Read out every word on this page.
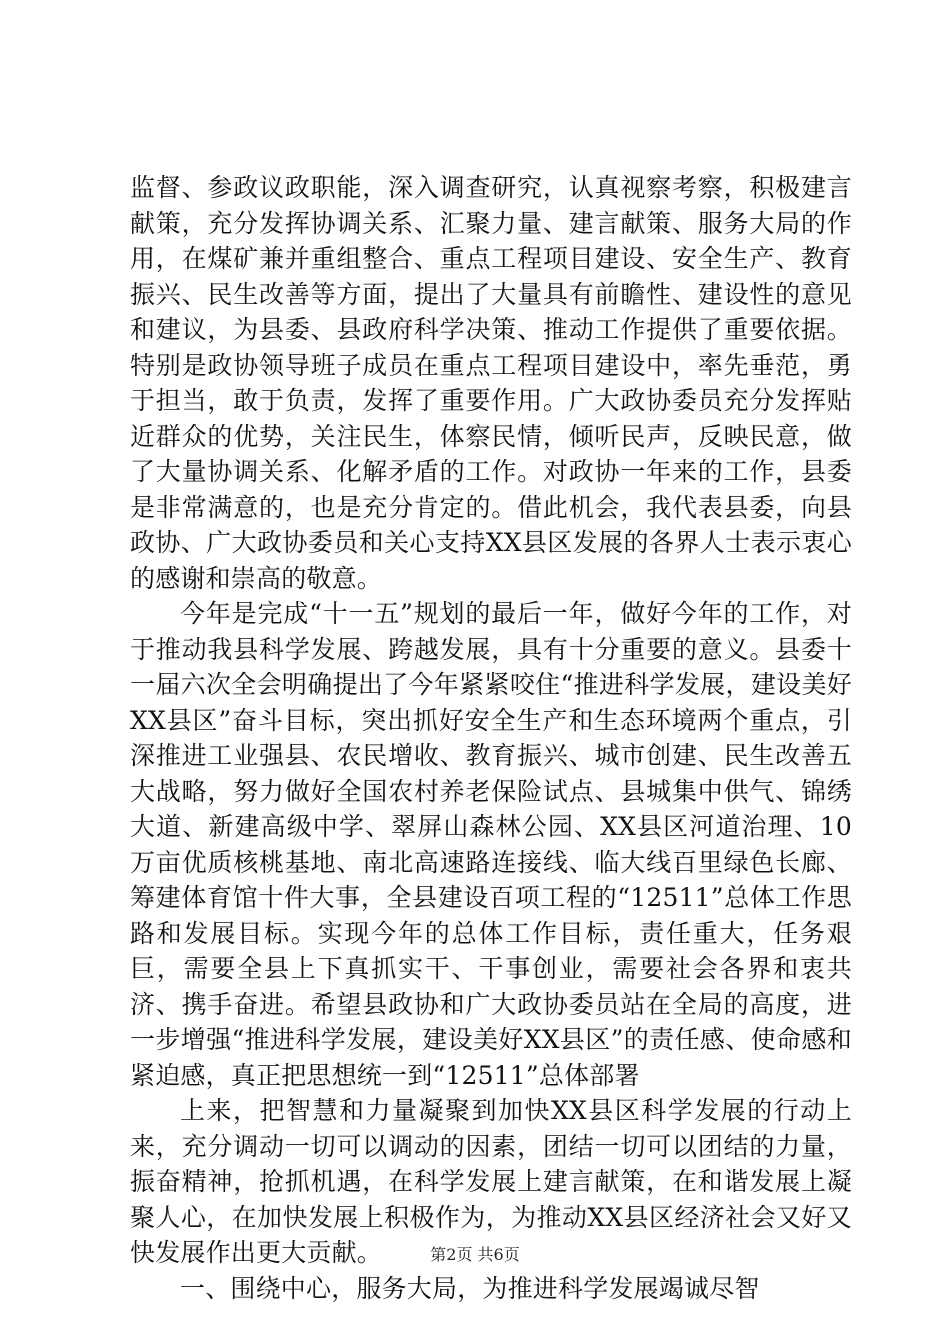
监督、参政议政职能，深入调查研究，认真视察考察，积极建言献策，充分发挥协调关系、汇聚力量、建言献策、服务大局的作用，在煤矿兼并重组整合、重点工程项目建设、安全生产、教育振兴、民生改善等方面，提出了大量具有前瞻性、建设性的意见和建议，为县委、县政府科学决策、推动工作提供了重要依据。特别是政协领导班子成员在重点工程项目建设中，率先垂范，勇于担当，敢于负责，发挥了重要作用。广大政协委员充分发挥贴近群众的优势，关注民生，体察民情，倾听民声，反映民意，做了大量协调关系、化解矛盾的工作。对政协一年来的工作，县委是非常满意的，也是充分肯定的。借此机会，我代表县委，向县政协、广大政协委员和关心支持XX县区发展的各界人士表示衷心的感谢和崇高的敬意。

今年是完成“十一五”规划的最后一年，做好今年的工作，对于推动我县科学发展、跨越发展，具有十分重要的意义。县委十一届六次全会明确提出了今年紧紧咬住“推进科学发展，建设美好XX县区”奋斗目标，突出抓好安全生产和生态环境两个重点，引深推进工业强县、农民增收、教育振兴、城市创建、民生改善五大战略，努力做好全国农村养老保险试点、县城集中供气、锦绣大道、新建高级中学、翠屏山森林公园、XX县区河道治理、10万亩优质核桃基地、南北高速路连接线、临大线百里绿色长廊、筹建体育馆十件大事，全县建设百项工程的“12511”总体工作思路和发展目标。实现今年的总体工作目标，责任重大，任务艰巨，需要全县上下真抓实干、干事创业，需要社会各界和衷共济、携手奋进。希望县政协和广大政协委员站在全局的高度，进一步增强“推进科学发展，建设美好XX县区”的责任感、使命感和紧迫感，真正把思想统一到“12511”总体部署

上来，把智慧和力量凝聚到加快XX县区科学发展的行动上来，充分调动一切可以调动的因素，团结一切可以团结的力量，振奋精神，抢抓机遇，在科学发展上建言献策，在和谐发展上凝聚人心，在加快发展上积极作为，为推动XX县区经济社会又好又快发展作出更大贡献。

一、围绕中心，服务大局，为推进科学发展竭诚尽智

第2页 共6页
